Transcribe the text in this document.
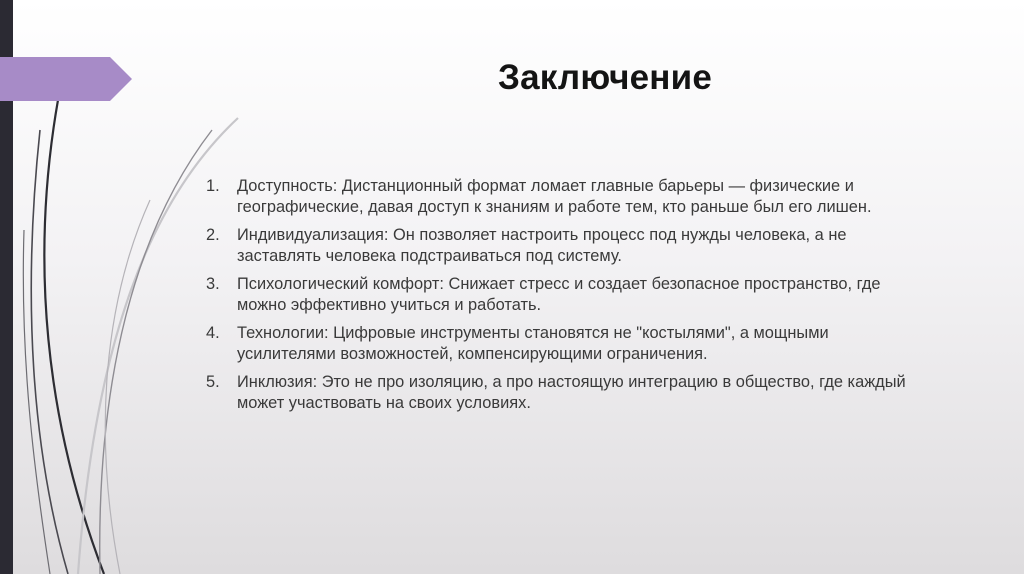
Заключение
1. Доступность: Дистанционный формат ломает главные барьеры — физические и географические, давая доступ к знаниям и работе тем, кто раньше был его лишен.
2. Индивидуализация: Он позволяет настроить процесс под нужды человека, а не заставлять человека подстраиваться под систему.
3. Психологический комфорт: Снижает стресс и создает безопасное пространство, где можно эффективно учиться и работать.
4. Технологии: Цифровые инструменты становятся не "костылями", а мощными усилителями возможностей, компенсирующими ограничения.
5. Инклюзия: Это не про изоляцию, а про настоящую интеграцию в общество, где каждый может участвовать на своих условиях.
